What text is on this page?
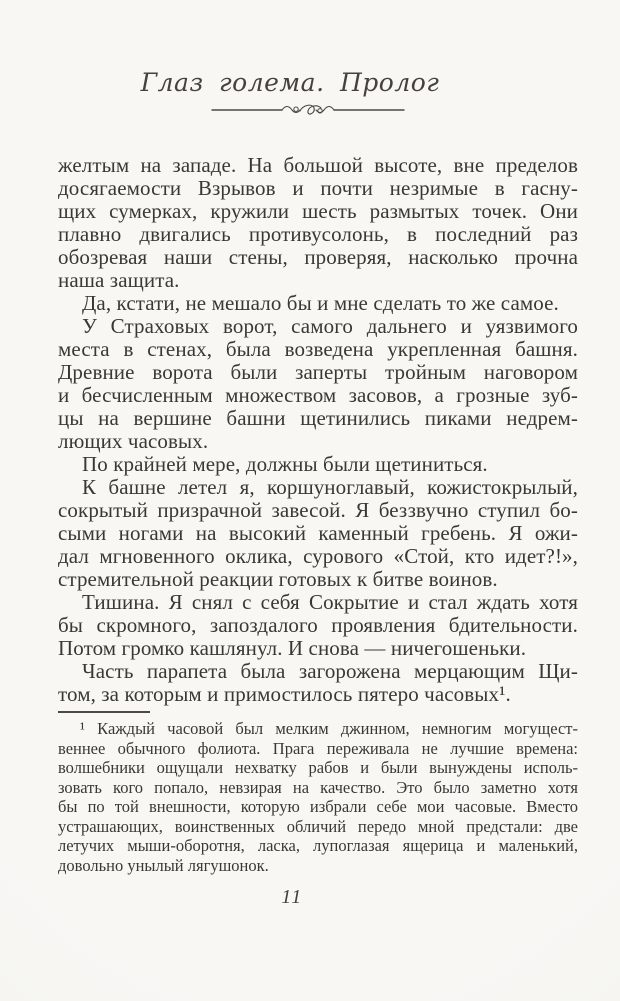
Глаз голема. Пролог
желтым на западе. На большой высоте, вне пределов
досягаемости Взрывов и почти незримые в гасну-
щих сумерках, кружили шесть размытых точек. Они
плавно двигались противусолонь, в последний раз
обозревая наши стены, проверяя, насколько прочна
наша защита.
Да, кстати, не мешало бы и мне сделать то же самое.
У Страховых ворот, самого дальнего и уязвимого
места в стенах, была возведена укрепленная башня.
Древние ворота были заперты тройным наговором
и бесчисленным множеством засовов, а грозные зуб-
цы на вершине башни щетинились пиками недрем-
лющих часовых.
По крайней мере, должны были щетиниться.
К башне летел я, коршуноглавый, кожистокрылый,
сокрытый призрачной завесой. Я беззвучно ступил бо-
сыми ногами на высокий каменный гребень. Я ожи-
дал мгновенного оклика, сурового «Стой, кто идет?!»,
стремительной реакции готовых к битве воинов.
Тишина. Я снял с себя Сокрытие и стал ждать хотя
бы скромного, запоздалого проявления бдительности.
Потом громко кашлянул. И снова — ничегошеньки.
Часть парапета была загорожена мерцающим Щи-
том, за которым и примостилось пятеро часовых¹.
¹ Каждый часовой был мелким джинном, немногим могущест-
веннее обычного фолиота. Прага переживала не лучшие времена:
волшебники ощущали нехватку рабов и были вынуждены исполь-
зовать кого попало, невзирая на качество. Это было заметно хотя
бы по той внешности, которую избрали себе мои часовые. Вместо
устрашающих, воинственных обличий передо мной предстали: две
летучих мыши-оборотня, ласка, лупоглазая ящерица и маленький,
довольно унылый лягушонок.
11
